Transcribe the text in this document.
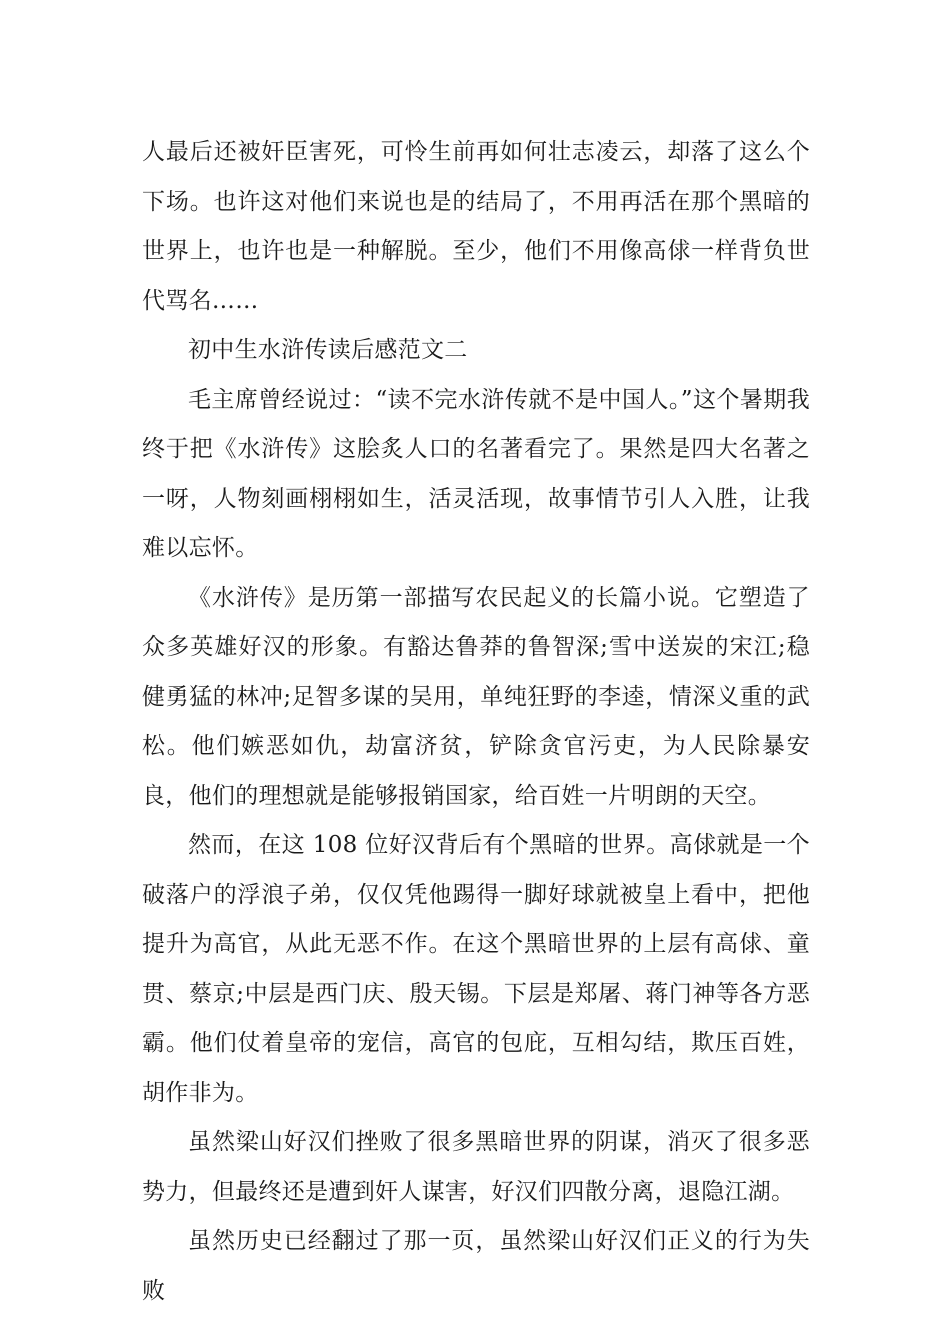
人最后还被奸臣害死，可怜生前再如何壮志凌云，却落了这么个下场。也许这对他们来说也是的结局了，不用再活在那个黑暗的世界上，也许也是一种解脱。至少，他们不用像高俅一样背负世代骂名……

初中生水浒传读后感范文二

毛主席曾经说过：“读不完水浒传就不是中国人。”这个暑期我终于把《水浒传》这脍炙人口的名著看完了。果然是四大名著之一呀，人物刻画栩栩如生，活灵活现，故事情节引人入胜，让我难以忘怀。

《水浒传》是历第一部描写农民起义的长篇小说。它塑造了众多英雄好汉的形象。有豁达鲁莽的鲁智深;雪中送炭的宋江;稳健勇猛的林冲;足智多谋的吴用，单纯狂野的李逵，情深义重的武松。他们嫉恶如仇，劫富济贫，铲除贪官污吏，为人民除暴安良，他们的理想就是能够报销国家，给百姓一片明朗的天空。

然而，在这 108 位好汉背后有个黑暗的世界。高俅就是一个破落户的浮浪子弟，仅仅凭他踢得一脚好球就被皇上看中，把他提升为高官，从此无恶不作。在这个黑暗世界的上层有高俅、童贯、蔡京;中层是西门庆、殷天锡。下层是郑屠、蒋门神等各方恶霸。他们仗着皇帝的宠信，高官的包庇，互相勾结，欺压百姓，胡作非为。

虽然梁山好汉们挫败了很多黑暗世界的阴谋，消灭了很多恶势力，但最终还是遭到奸人谋害，好汉们四散分离，退隐江湖。

虽然历史已经翻过了那一页，虽然梁山好汉们正义的行为失败
